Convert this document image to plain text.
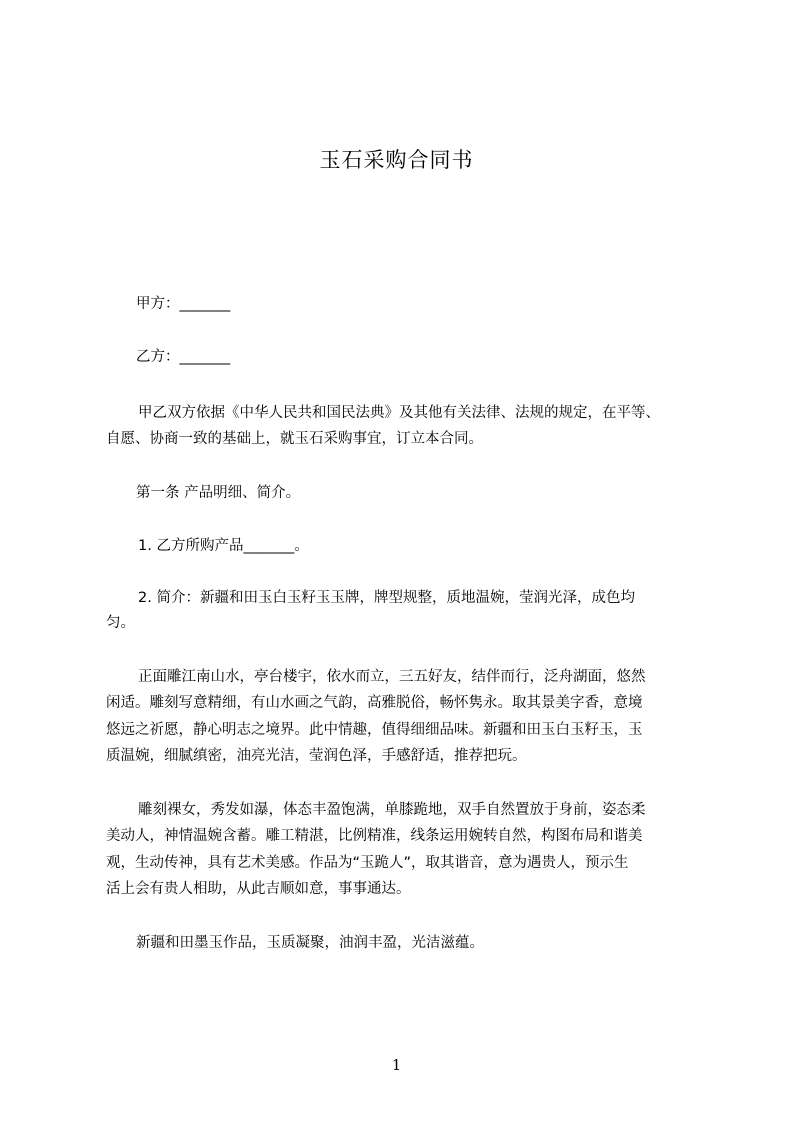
玉石采购合同书
甲方：_______
乙方：_______
甲乙双方依据《中华人民共和国民法典》及其他有关法律、法规的规定，在平等、
自愿、协商一致的基础上，就玉石采购事宜，订立本合同。
第一条 产品明细、简介。
1. 乙方所购产品_______。
2. 简介：新疆和田玉白玉籽玉玉牌，牌型规整，质地温婉，莹润光泽，成色均
匀。
正面雕江南山水，亭台楼宇，依水而立，三五好友，结伴而行，泛舟湖面，悠然
闲适。雕刻写意精细，有山水画之气韵，高雅脱俗，畅怀隽永。取其景美字香，意境
悠远之祈愿，静心明志之境界。此中情趣，值得细细品味。新疆和田玉白玉籽玉，玉
质温婉，细腻缜密，油亮光洁，莹润色泽，手感舒适，推荐把玩。
雕刻裸女，秀发如瀑，体态丰盈饱满，单膝跪地，双手自然置放于身前，姿态柔
美动人，神情温婉含蓄。雕工精湛，比例精准，线条运用婉转自然，构图布局和谐美
观，生动传神，具有艺术美感。作品为“玉跪人”，取其谐音，意为遇贵人，预示生
活上会有贵人相助，从此吉顺如意，事事通达。
新疆和田墨玉作品，玉质凝聚，油润丰盈，光洁滋蕴。
1
